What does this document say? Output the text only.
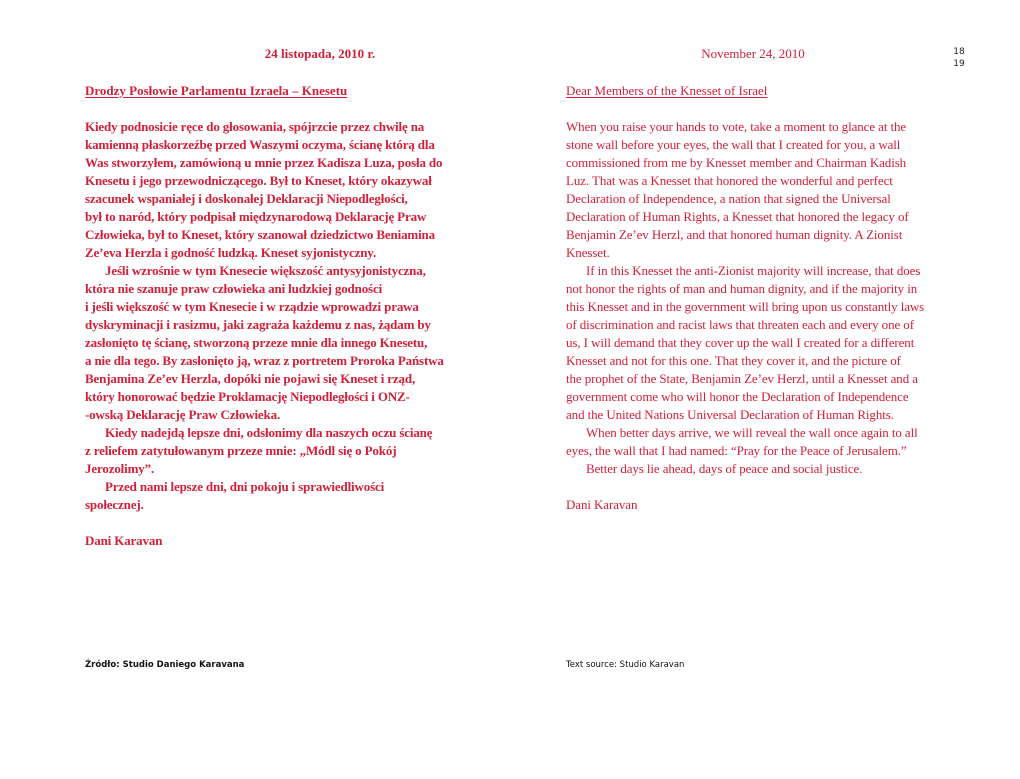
24 listopada, 2010 r.
Drodzy Posłowie Parlamentu Izraela – Knesetu
Kiedy podnosicie ręce do głosowania, spójrzcie przez chwilę na
kamienną płaskorzeźbę przed Waszymi oczyma, ścianę którą dla
Was stworzyłem, zamówioną u mnie przez Kadisza Luza, posła do
Knesetu i jego przewodniczącego. Był to Kneset, który okazywał
szacunek wspaniałej i doskonałej Deklaracji Niepodległości,
był to naród, który podpisał międzynarodową Deklarację Praw
Człowieka, był to Kneset, który szanował dziedzictwo Beniamina
Ze’eva Herzla i godność ludzką. Kneset syjonistyczny.
Jeśli wzrośnie w tym Knesecie większość antysyjonistyczna,
która nie szanuje praw człowieka ani ludzkiej godności
i jeśli większość w tym Knesecie i w rządzie wprowadzi prawa
dyskryminacji i rasizmu, jaki zagraża każdemu z nas, żądam by
zasłonięto tę ścianę, stworzoną przeze mnie dla innego Knesetu,
a nie dla tego. By zasłonięto ją, wraz z portretem Proroka Państwa
Benjamina Ze’ev Herzla, dopóki nie pojawi się Kneset i rząd,
który honorować będzie Proklamację Niepodległości i ONZ-
-owską Deklarację Praw Człowieka.
Kiedy nadejdą lepsze dni, odsłonimy dla naszych oczu ścianę
z reliefem zatytułowanym przeze mnie: „Módl się o Pokój
Jerozolimy”.
Przed nami lepsze dni, dni pokoju i sprawiedliwości
społecznej.
Dani Karavan
Źródło: Studio Daniego Karavana
November 24, 2010
Dear Members of the Knesset of Israel
When you raise your hands to vote, take a moment to glance at the
stone wall before your eyes, the wall that I created for you, a wall
commissioned from me by Knesset member and Chairman Kadish
Luz. That was a Knesset that honored the wonderful and perfect
Declaration of Independence, a nation that signed the Universal
Declaration of Human Rights, a Knesset that honored the legacy of
Benjamin Ze’ev Herzl, and that honored human dignity. A Zionist
Knesset.
If in this Knesset the anti-Zionist majority will increase, that does
not honor the rights of man and human dignity, and if the majority in
this Knesset and in the government will bring upon us constantly laws
of discrimination and racist laws that threaten each and every one of
us, I will demand that they cover up the wall I created for a different
Knesset and not for this one. That they cover it, and the picture of
the prophet of the State, Benjamin Ze’ev Herzl, until a Knesset and a
government come who will honor the Declaration of Independence
and the United Nations Universal Declaration of Human Rights.
When better days arrive, we will reveal the wall once again to all
eyes, the wall that I had named: “Pray for the Peace of Jerusalem.”
Better days lie ahead, days of peace and social justice.
Dani Karavan
Text source: Studio Karavan
18
19
